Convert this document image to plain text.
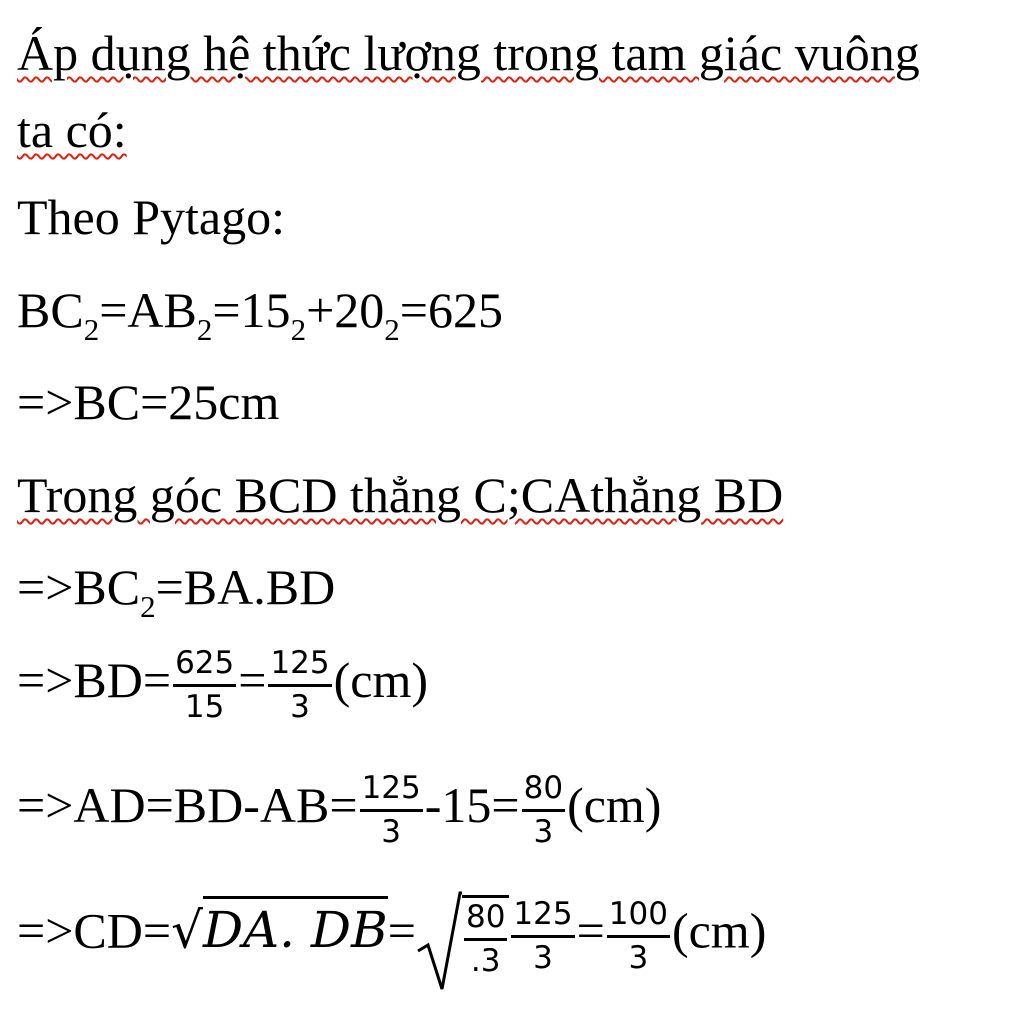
Áp dụng hệ thức lượng trong tam giác vuông
ta có:
Theo Pytago:
$BC_2=AB_2=15_2+20_2=625$
=>BC=25cm
Trong góc BCD thẳng C;CAthẳng BD
$=>BC_2=BA.BD$
$=>BD= \frac{625}{15} = \frac{125}{3} (cm)$
$=>AD=BD-AB= \frac{125}{3} -15= \frac{80}{3} (cm)$
=>CD=√DA. $DB= \frac{80}{.3} \frac{125}{3} = \frac{100}{3} (cm)$
